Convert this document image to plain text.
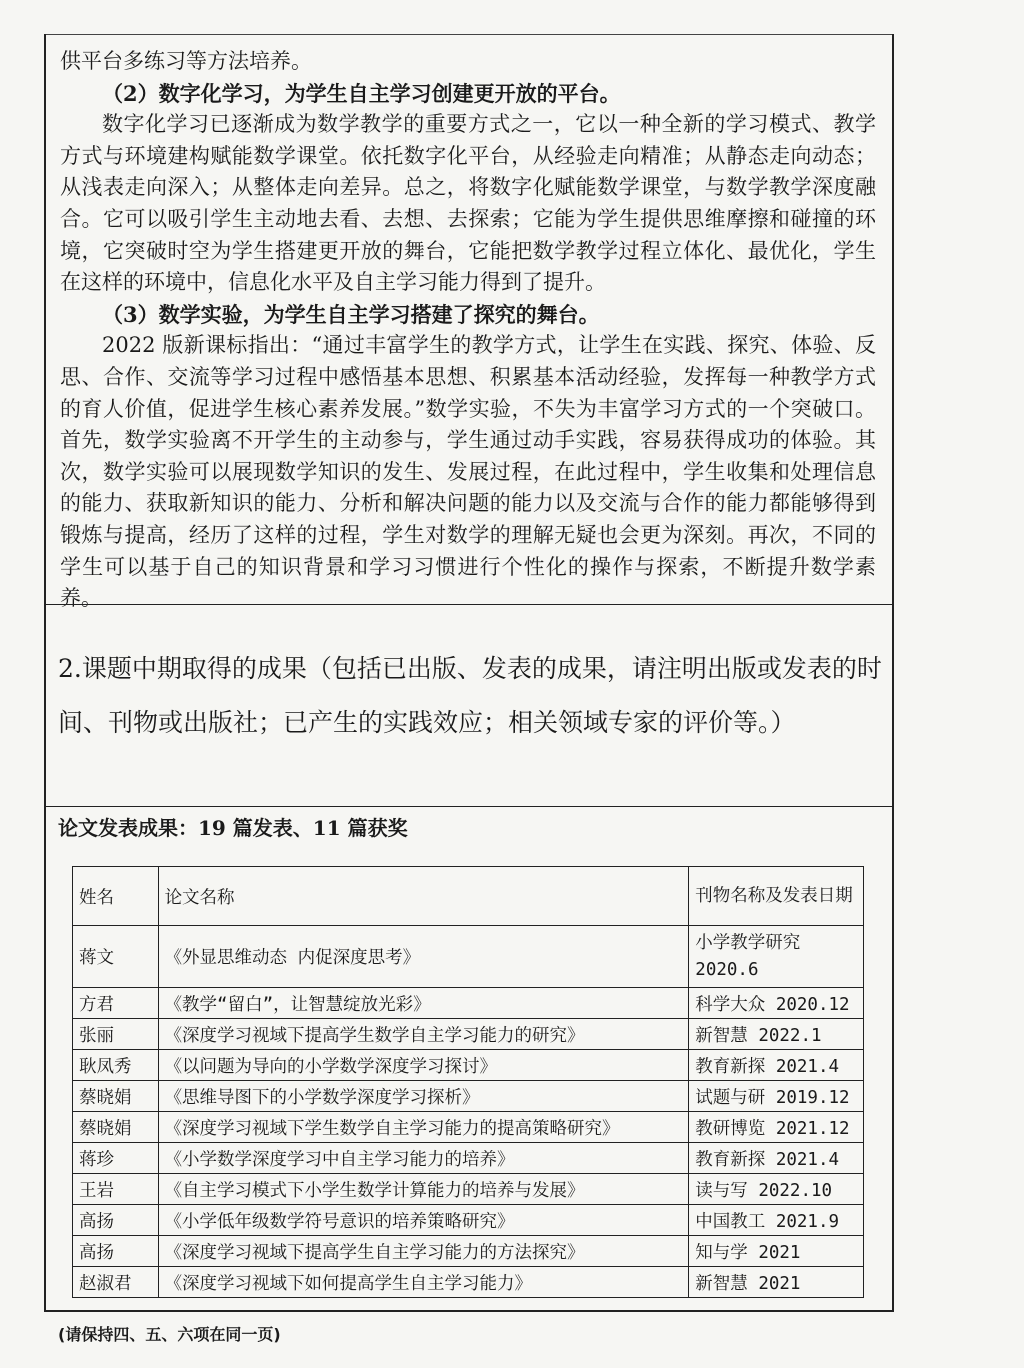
供平台多练习等方法培养。

（2）数字化学习，为学生自主学习创建更开放的平台。

数字化学习已逐渐成为数学教学的重要方式之一，它以一种全新的学习模式、教学方式与环境建构赋能数学课堂。依托数字化平台，从经验走向精准；从静态走向动态；从浅表走向深入；从整体走向差异。总之，将数字化赋能数学课堂，与数学教学深度融合。它可以吸引学生主动地去看、去想、去探索；它能为学生提供思维摩擦和碰撞的环境，它突破时空为学生搭建更开放的舞台，它能把数学教学过程立体化、最优化，学生在这样的环境中，信息化水平及自主学习能力得到了提升。

（3）数学实验，为学生自主学习搭建了探究的舞台。

2022 版新课标指出：“通过丰富学生的教学方式，让学生在实践、探究、体验、反思、合作、交流等学习过程中感悟基本思想、积累基本活动经验，发挥每一种教学方式的育人价值，促进学生核心素养发展。”数学实验，不失为丰富学习方式的一个突破口。首先，数学实验离不开学生的主动参与，学生通过动手实践，容易获得成功的体验。其次，数学实验可以展现数学知识的发生、发展过程，在此过程中，学生收集和处理信息的能力、获取新知识的能力、分析和解决问题的能力以及交流与合作的能力都能够得到锻炼与提高，经历了这样的过程，学生对数学的理解无疑也会更为深刻。再次，不同的学生可以基于自己的知识背景和学习习惯进行个性化的操作与探索，不断提升数学素养。

2.课题中期取得的成果（包括已出版、发表的成果，请注明出版或发表的时间、刊物或出版社；已产生的实践效应；相关领域专家的评价等。）

论文发表成果：19 篇发表、11 篇获奖
姓名	论文名称	刊物名称及发表日期
蒋文	《外显思维动态 内促深度思考》	小学教学研究 2020.6
方君	《教学“留白”，让智慧绽放光彩》	科学大众 2020.12
张丽	《深度学习视域下提高学生数学自主学习能力的研究》	新智慧 2022.1
耿凤秀	《以问题为导向的小学数学深度学习探讨》	教育新探 2021.4
蔡晓娟	《思维导图下的小学数学深度学习探析》	试题与研 2019.12
蔡晓娟	《深度学习视域下学生数学自主学习能力的提高策略研究》	教研博览 2021.12
蒋珍	《小学数学深度学习中自主学习能力的培养》	教育新探 2021.4
王岩	《自主学习模式下小学生数学计算能力的培养与发展》	读与写 2022.10
高扬	《小学低年级数学符号意识的培养策略研究》	中国教工 2021.9
高扬	《深度学习视域下提高学生自主学习能力的方法探究》	知与学 2021
赵淑君	《深度学习视域下如何提高学生自主学习能力》	新智慧 2021
(请保持四、五、六项在同一页)
